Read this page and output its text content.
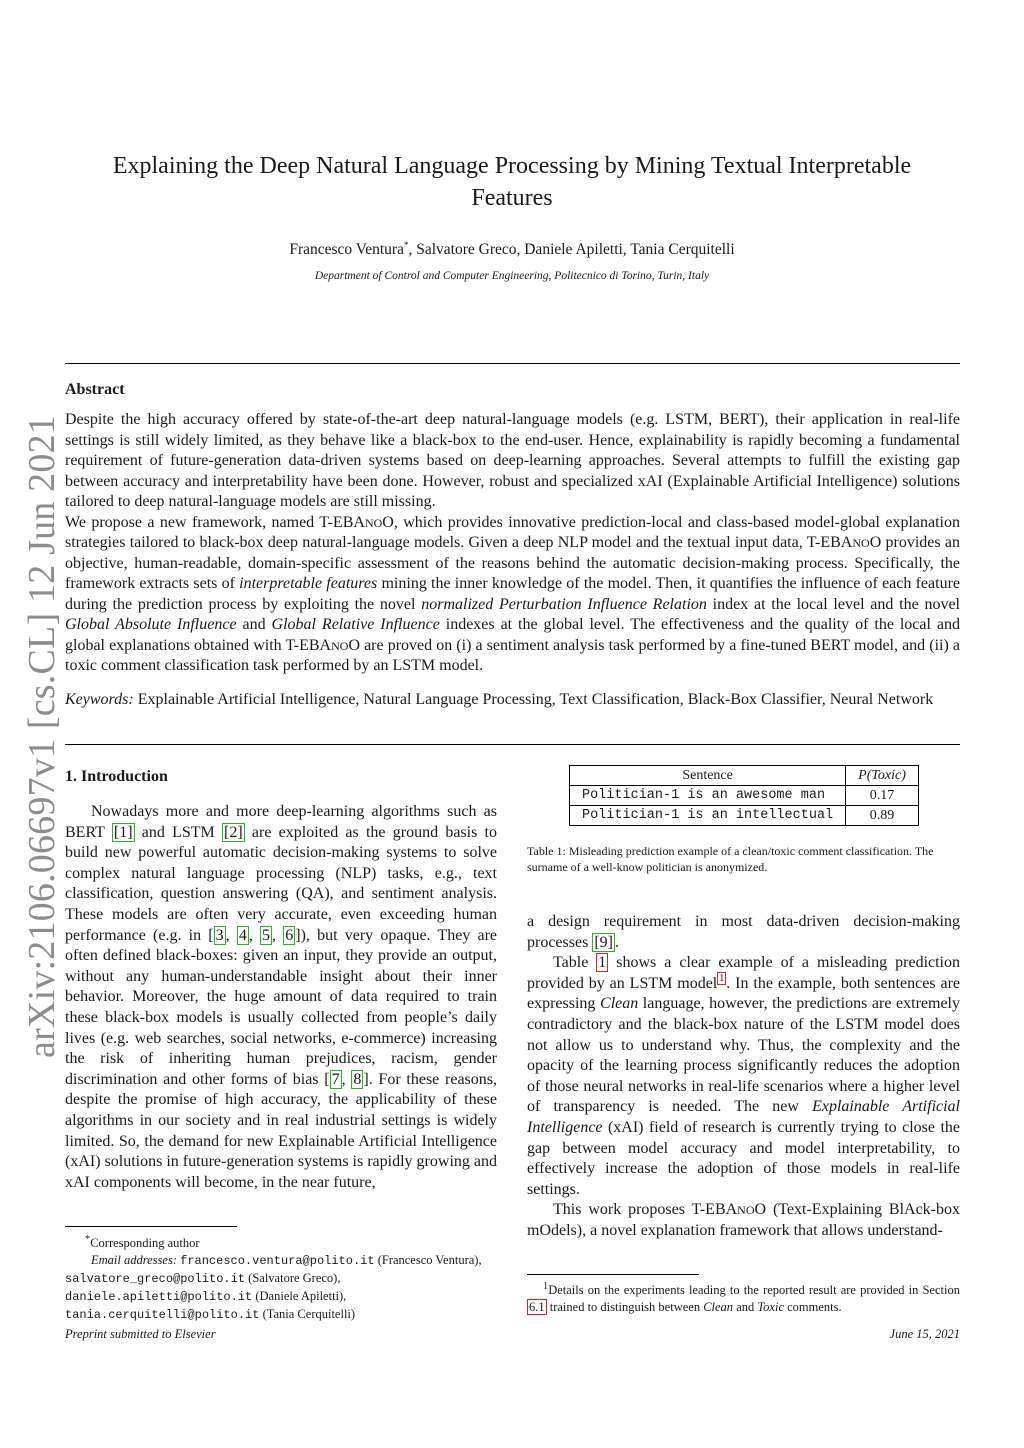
arXiv:2106.06697v1 [cs.CL] 12 Jun 2021
Explaining the Deep Natural Language Processing by Mining Textual Interpretable Features
Francesco Ventura*, Salvatore Greco, Daniele Apiletti, Tania Cerquitelli
Department of Control and Computer Engineering, Politecnico di Torino, Turin, Italy
Abstract

Despite the high accuracy offered by state-of-the-art deep natural-language models (e.g. LSTM, BERT), their application in real-life settings is still widely limited, as they behave like a black-box to the end-user. Hence, explainability is rapidly becoming a fundamental requirement of future-generation data-driven systems based on deep-learning approaches. Several attempts to fulfill the existing gap between accuracy and interpretability have been done. However, robust and specialized xAI (Explainable Artificial Intelligence) solutions tailored to deep natural-language models are still missing.

We propose a new framework, named T-EBANOO, which provides innovative prediction-local and class-based model-global explanation strategies tailored to black-box deep natural-language models. Given a deep NLP model and the textual input data, T-EBANOO provides an objective, human-readable, domain-specific assessment of the reasons behind the automatic decision-making process. Specifically, the framework extracts sets of interpretable features mining the inner knowledge of the model. Then, it quantifies the influence of each feature during the prediction process by exploiting the novel normalized Perturbation Influence Relation index at the local level and the novel Global Absolute Influence and Global Relative Influence indexes at the global level. The effectiveness and the quality of the local and global explanations obtained with T-EBANOO are proved on (i) a sentiment analysis task performed by a fine-tuned BERT model, and (ii) a toxic comment classification task performed by an LSTM model.

Keywords: Explainable Artificial Intelligence, Natural Language Processing, Text Classification, Black-Box Classifier, Neural Network
1. Introduction

Nowadays more and more deep-learning algorithms such as BERT [1] and LSTM [2] are exploited as the ground basis to build new powerful automatic decision-making systems to solve complex natural language processing (NLP) tasks, e.g., text classification, question answering (QA), and sentiment analysis. These models are often very accurate, even exceeding human performance (e.g. in [ 3 , 4 , 5 , 6 ]), but very opaque. They are often defined black-boxes: given an input, they provide an output, without any human-understandable insight about their inner behavior. Moreover, the huge amount of data required to train these black-box models is usually collected from people’s daily lives (e.g. web searches, social networks, e-commerce) increasing the risk of inheriting human prejudices, racism, gender discrimination and other forms of bias [ 7 , 8 ]. For these reasons, despite the promise of high accuracy, the applicability of these algorithms in our society and in real industrial settings is widely limited. So, the demand for new Explainable Artificial Intelligence (xAI) solutions in future-generation systems is rapidly growing and xAI components will become, in the near future,

Sentence	P(Toxic)
Politician-1 is an awesome man	0.17
Politician-1 is an intellectual	0.89
Table 1: Misleading prediction example of a clean/toxic comment classification. The surname of a well-know politician is anonymized.

a design requirement in most data-driven decision-making processes [9] .

Table 1 shows a clear example of a misleading prediction provided by an LSTM model $^1$ . In the example, both sentences are expressing Clean language, however, the predictions are extremely contradictory and the black-box nature of the LSTM model does not allow us to understand why. Thus, the complexity and the opacity of the learning process significantly reduces the adoption of those neural networks in real-life scenarios where a higher level of transparency is needed. The new Explainable Artificial Intelligence (xAI) field of research is currently trying to close the gap between model accuracy and model interpretability, to effectively increase the adoption of those models in real-life settings.

This work proposes T-EBANOO (Text-Explaining BlAck-box mOdels), a novel explanation framework that allows understand-

*Corresponding author

Email addresses: francesco.ventura@polito.it (Francesco Ventura), salvatore_greco@polito.it (Salvatore Greco), daniele.apiletti@polito.it (Daniele Apiletti), tania.cerquitelli@polito.it (Tania Cerquitelli)

$^1$Details on the experiments leading to the reported result are provided in Section 6.1 trained to distinguish between Clean and Toxic comments.
Preprint submitted to Elsevier	June 15, 2021
